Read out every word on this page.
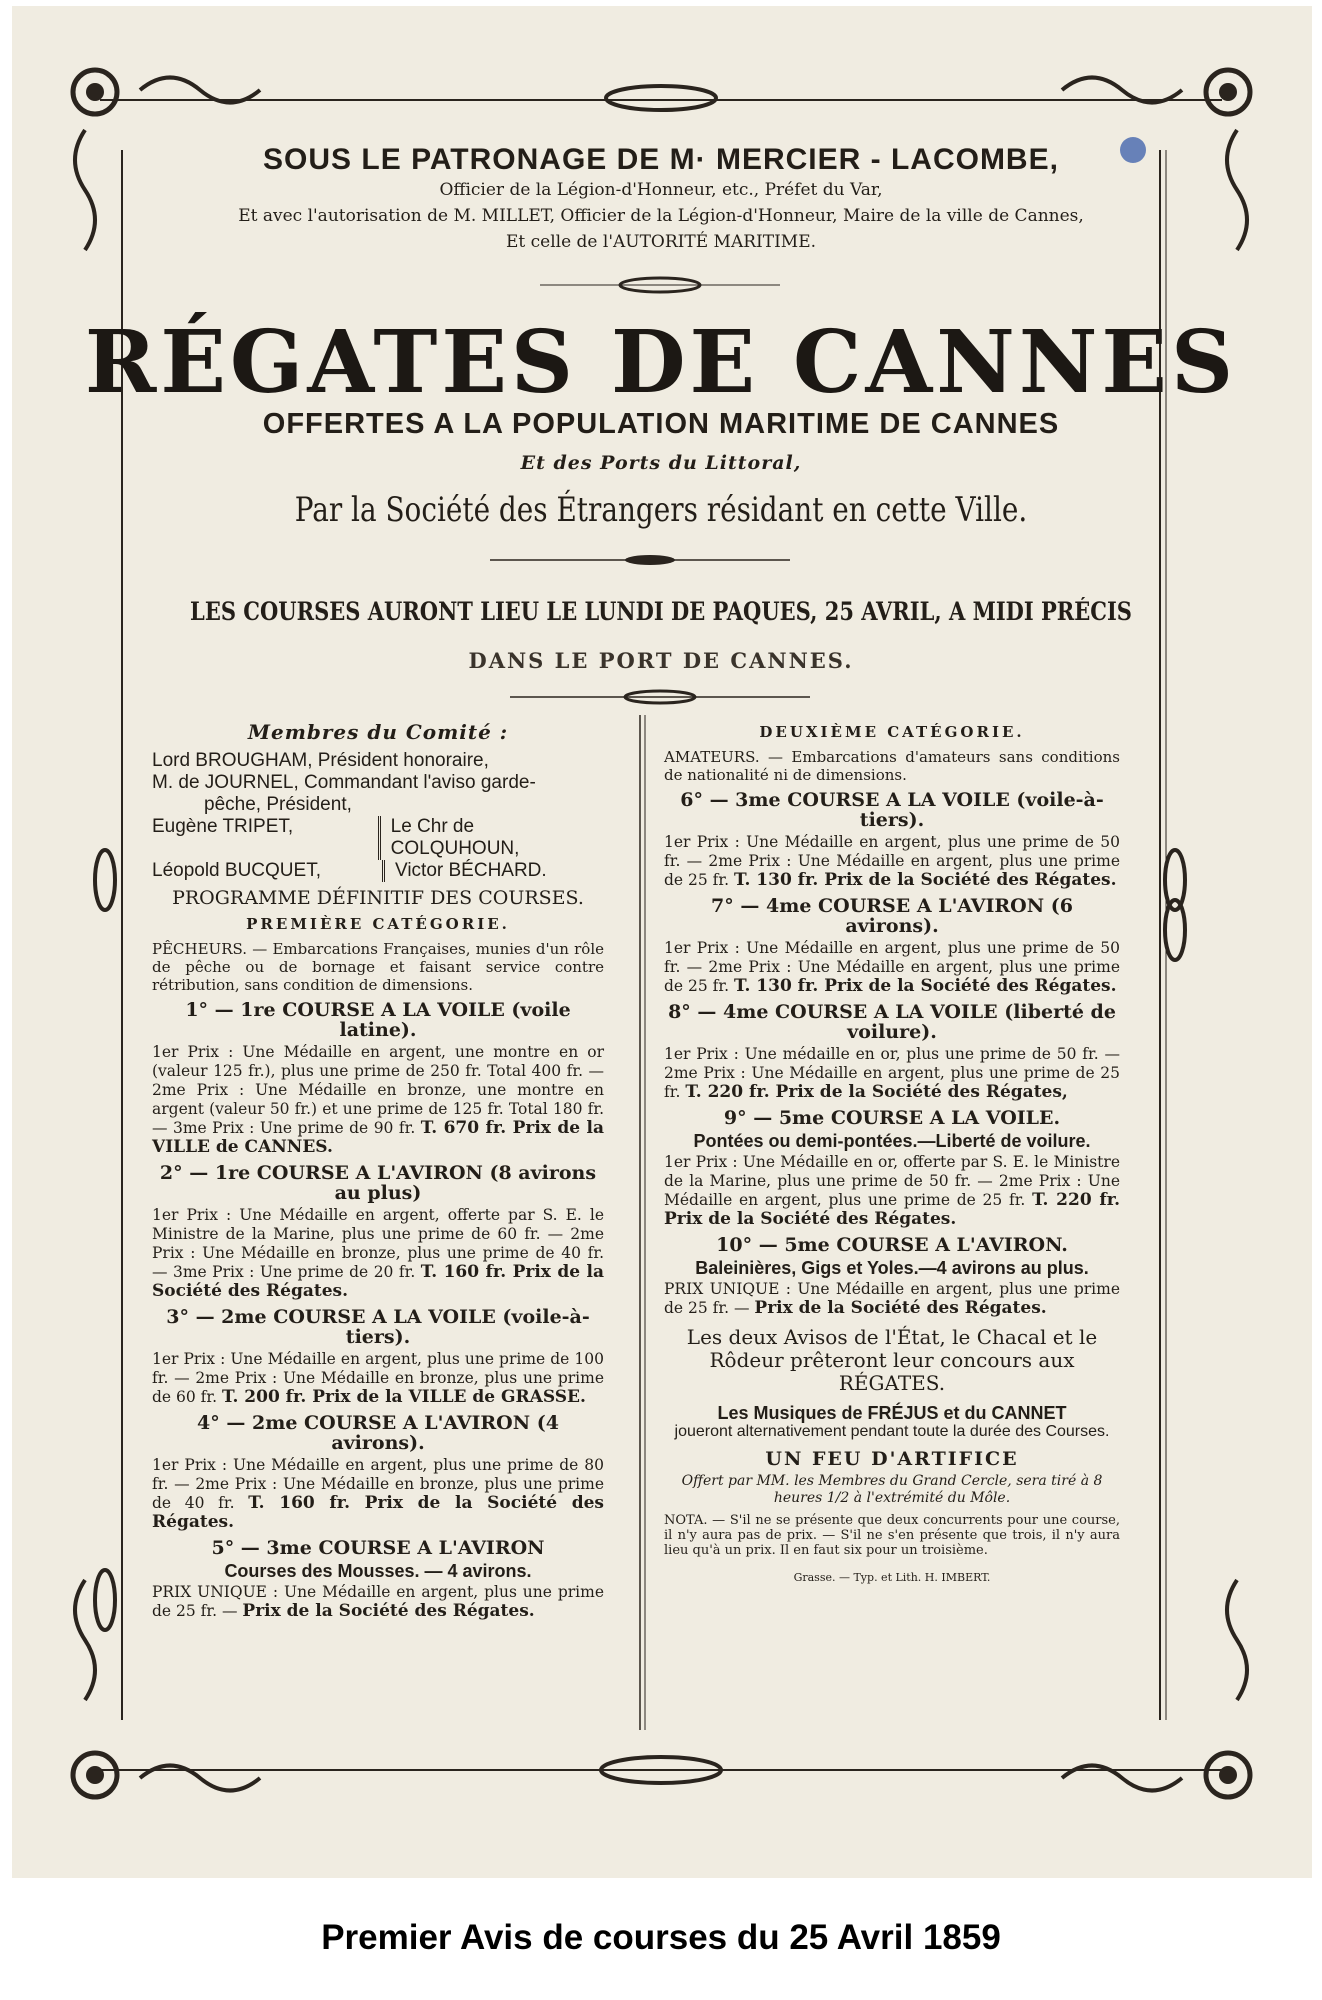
SOUS LE PATRONAGE DE M· MERCIER - LACOMBE,
Officier de la Légion-d'Honneur, etc., Préfet du Var,
Et avec l'autorisation de M. MILLET, Officier de la Légion-d'Honneur, Maire de la ville de Cannes,
Et celle de l'AUTORITÉ MARITIME.
RÉGATES DE CANNES
OFFERTES A LA POPULATION MARITIME DE CANNES
Et des Ports du Littoral,
Par la Société des Étrangers résidant en cette Ville.
LES COURSES AURONT LIEU LE LUNDI DE PAQUES, 25 AVRIL, A MIDI PRÉCIS
DANS LE PORT DE CANNES.
Membres du Comité :
Lord BROUGHAM, Président honoraire,
M. de JOURNEL, Commandant l'aviso garde-
pêche, Président,
Eugène TRIPET,	Le Chr de COLQUHOUN,
Léopold BUCQUET,	Victor BÉCHARD.
PROGRAMME DÉFINITIF DES COURSES.
PREMIÈRE CATÉGORIE.
PÊCHEURS. — Embarcations Françaises, munies d'un rôle de pêche ou de bornage et faisant service contre rétribution, sans condition de dimensions.
1° — 1re COURSE A LA VOILE (voile latine).
1er Prix : Une Médaille en argent, une montre en or (valeur 125 fr.), plus une prime de 250 fr. Total 400 fr. — 2me Prix : Une Médaille en bronze, une montre en argent (valeur 50 fr.) et une prime de 125 fr. Total 180 fr. — 3me Prix : Une prime de 90 fr. T. 670 fr. Prix de la VILLE de CANNES.
2° — 1re COURSE A L'AVIRON (8 avirons au plus)
1er Prix : Une Médaille en argent, offerte par S. E. le Ministre de la Marine, plus une prime de 60 fr. — 2me Prix : Une Médaille en bronze, plus une prime de 40 fr. — 3me Prix : Une prime de 20 fr. T. 160 fr. Prix de la Société des Régates.
3° — 2me COURSE A LA VOILE (voile-à-tiers).
1er Prix : Une Médaille en argent, plus une prime de 100 fr. — 2me Prix : Une Médaille en bronze, plus une prime de 60 fr. T. 200 fr. Prix de la VILLE de GRASSE.
4° — 2me COURSE A L'AVIRON (4 avirons).
1er Prix : Une Médaille en argent, plus une prime de 80 fr. — 2me Prix : Une Médaille en bronze, plus une prime de 40 fr. T. 160 fr. Prix de la Société des Régates.
5° — 3me COURSE A L'AVIRON
Courses des Mousses. — 4 avirons.
PRIX UNIQUE : Une Médaille en argent, plus une prime de 25 fr. — Prix de la Société des Régates.
DEUXIÈME CATÉGORIE.
AMATEURS. — Embarcations d'amateurs sans conditions de nationalité ni de dimensions.
6° — 3me COURSE A LA VOILE (voile-à-tiers).
1er Prix : Une Médaille en argent, plus une prime de 50 fr. — 2me Prix : Une Médaille en argent, plus une prime de 25 fr. T. 130 fr. Prix de la Société des Régates.
7° — 4me COURSE A L'AVIRON (6 avirons).
1er Prix : Une Médaille en argent, plus une prime de 50 fr. — 2me Prix : Une Médaille en argent, plus une prime de 25 fr. T. 130 fr. Prix de la Société des Régates.
8° — 4me COURSE A LA VOILE (liberté de voilure).
1er Prix : Une médaille en or, plus une prime de 50 fr. — 2me Prix : Une Médaille en argent, plus une prime de 25 fr. T. 220 fr. Prix de la Société des Régates,
9° — 5me COURSE A LA VOILE.
Pontées ou demi-pontées.—Liberté de voilure.
1er Prix : Une Médaille en or, offerte par S. E. le Ministre de la Marine, plus une prime de 50 fr. — 2me Prix : Une Médaille en argent, plus une prime de 25 fr. T. 220 fr. Prix de la Société des Régates.
10° — 5me COURSE A L'AVIRON.
Baleinières, Gigs et Yoles.—4 avirons au plus.
PRIX UNIQUE : Une Médaille en argent, plus une prime de 25 fr. — Prix de la Société des Régates.
Les deux Avisos de l'État, le Chacal et le Rôdeur prêteront leur concours aux RÉGATES.
Les Musiques de FRÉJUS et du CANNET
joueront alternativement pendant toute la durée des Courses.
UN FEU D'ARTIFICE
Offert par MM. les Membres du Grand Cercle, sera tiré à 8 heures 1/2 à l'extrémité du Môle.
NOTA. — S'il ne se présente que deux concurrents pour une course, il n'y aura pas de prix. — S'il ne s'en présente que trois, il n'y aura lieu qu'à un prix. Il en faut six pour un troisième.
Grasse. — Typ. et Lith. H. IMBERT.
Premier Avis de courses du 25 Avril 1859
